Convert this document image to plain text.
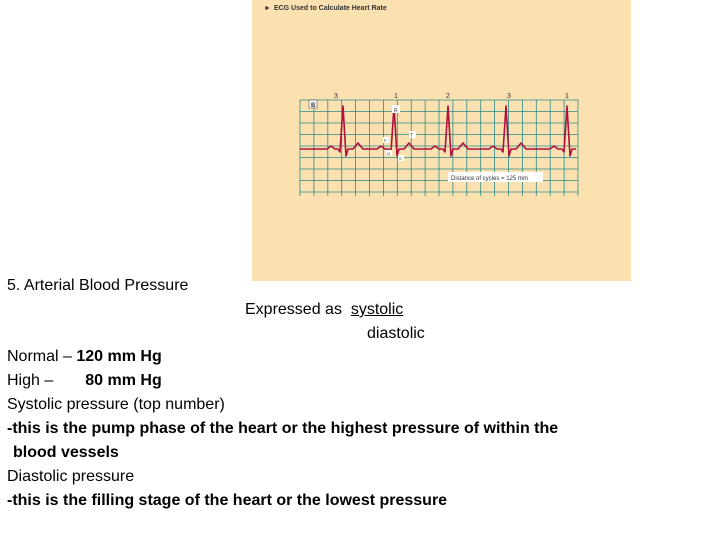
► ECG Used to Calculate Heart Rate
3	1	2	3	1
B
R
T
P
Q
S
Distance of cycles = 125 mm
5. Arterial Blood Pressure
Expressed as systolic
diastolic
Normal – 120 mm Hg
High – 80 mm Hg
Systolic pressure (top number)
-this is the pump phase of the heart or the highest pressure of within the
blood vessels
Diastolic pressure
-this is the filling stage of the heart or the lowest pressure
